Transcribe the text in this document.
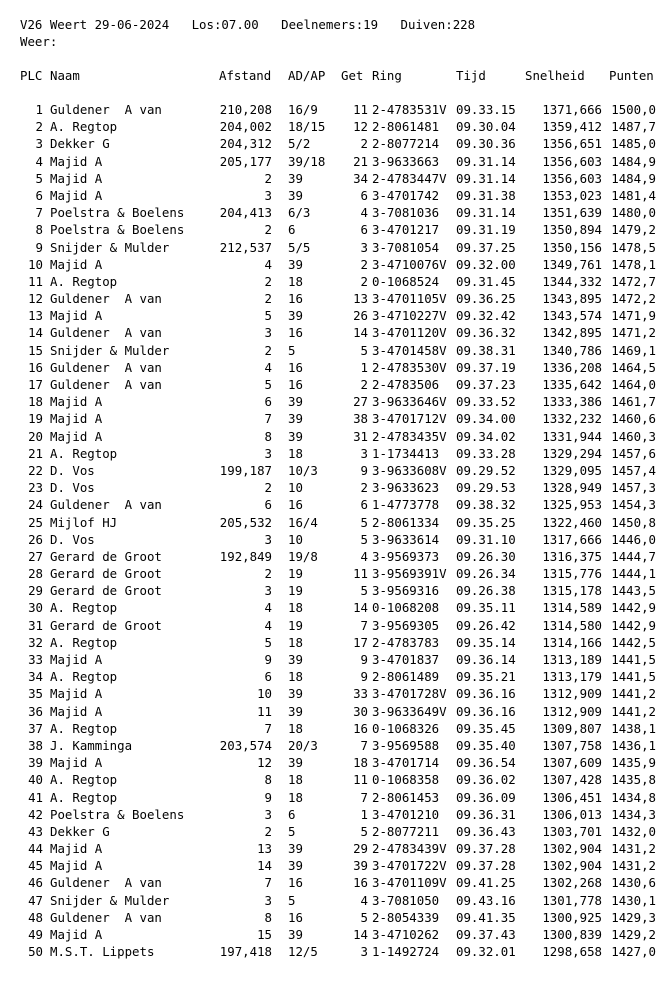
V26 Weert 29-06-2024 Los:07.00 Deelnemers:19 Duiven:228
Weer:
PLC Naam	Afstand AD/AP Get Ring	Tijd	Snelheid Punten
1 Guldener  A van	210,208 16/9	11 2-4783531V 09.33.15 1371,666 1500,0
2 A. Regtop	204,002 18/15 12 2-8061481 09.30.04 1359,412 1487,7
3 Dekker G	204,312 5/2	2 2-8077214 09.30.36 1356,651 1485,0
4 Majid A	205,177 39/18 21 3-9633663 09.31.14 1356,603 1484,9
5 Majid A	2 39	34 2-4783447V 09.31.14 1356,603 1484,9
6 Majid A	3 39	6 3-4701742 09.31.38 1353,023 1481,4
7 Poelstra & Boelens	204,413 6/3	4 3-7081036 09.31.14 1351,639 1480,0
8 Poelstra & Boelens	2 6	6 3-4701217 09.31.19 1350,894 1479,2
9 Snijder & Mulder	212,537 5/5	3 3-7081054 09.37.25 1350,156 1478,5
10 Majid A	4 39	2 3-4710076V 09.32.00 1349,761 1478,1
11 A. Regtop	2 18	2 0-1068524 09.31.45 1344,332 1472,7
12 Guldener  A van	2 16	13 3-4701105V 09.36.25 1343,895 1472,2
13 Majid A	5 39	26 3-4710227V 09.32.42 1343,574 1471,9
14 Guldener  A van	3 16	14 3-4701120V 09.36.32 1342,895 1471,2
15 Snijder & Mulder	2 5	5 3-4701458V 09.38.31 1340,786 1469,1
16 Guldener  A van	4 16	1 2-4783530V 09.37.19 1336,208 1464,5
17 Guldener  A van	5 16	2 2-4783506 09.37.23 1335,642 1464,0
18 Majid A	6 39	27 3-9633646V 09.33.52 1333,386 1461,7
19 Majid A	7 39	38 3-4701712V 09.34.00 1332,232 1460,6
20 Majid A	8 39	31 2-4783435V 09.34.02 1331,944 1460,3
21 A. Regtop	3 18	3 1-1734413 09.33.28 1329,294 1457,6
22 D. Vos	199,187 10/3	9 3-9633608V 09.29.52 1329,095 1457,4
23 D. Vos	2 10	2 3-9633623 09.29.53 1328,949 1457,3
24 Guldener  A van	6 16	6 1-4773778 09.38.32 1325,953 1454,3
25 Mijlof HJ	205,532 16/4	5 2-8061334 09.35.25 1322,460 1450,8
26 D. Vos	3 10	5 3-9633614 09.31.10 1317,666 1446,0
27 Gerard de Groot	192,849 19/8	4 3-9569373 09.26.30 1316,375 1444,7
28 Gerard de Groot	2 19	11 3-9569391V 09.26.34 1315,776 1444,1
29 Gerard de Groot	3 19	5 3-9569316 09.26.38 1315,178 1443,5
30 A. Regtop	4 18	14 0-1068208 09.35.11 1314,589 1442,9
31 Gerard de Groot	4 19	7 3-9569305 09.26.42 1314,580 1442,9
32 A. Regtop	5 18	17 2-4783783 09.35.14 1314,166 1442,5
33 Majid A	9 39	9 3-4701837 09.36.14 1313,189 1441,5
34 A. Regtop	6 18	9 2-8061489 09.35.21 1313,179 1441,5
35 Majid A	10 39	33 3-4701728V 09.36.16 1312,909 1441,2
36 Majid A	11 39	30 3-9633649V 09.36.16 1312,909 1441,2
37 A. Regtop	7 18	16 0-1068326 09.35.45 1309,807 1438,1
38 J. Kamminga	203,574 20/3	7 3-9569588 09.35.40 1307,758 1436,1
39 Majid A	12 39	18 3-4701714 09.36.54 1307,609 1435,9
40 A. Regtop	8 18	11 0-1068358 09.36.02 1307,428 1435,8
41 A. Regtop	9 18	7 2-8061453 09.36.09 1306,451 1434,8
42 Poelstra & Boelens	3 6	1 3-4701210 09.36.31 1306,013 1434,3
43 Dekker G	2 5	5 2-8077211 09.36.43 1303,701 1432,0
44 Majid A	13 39	29 2-4783439V 09.37.28 1302,904 1431,2
45 Majid A	14 39	39 3-4701722V 09.37.28 1302,904 1431,2
46 Guldener  A van	7 16	16 3-4701109V 09.41.25 1302,268 1430,6
47 Snijder & Mulder	3 5	4 3-7081050 09.43.16 1301,778 1430,1
48 Guldener  A van	8 16	5 2-8054339 09.41.35 1300,925 1429,3
49 Majid A	15 39	14 3-4710262 09.37.43 1300,839 1429,2
50 M.S.T. Lippets	197,418 12/5	3 1-1492724 09.32.01 1298,658 1427,0
